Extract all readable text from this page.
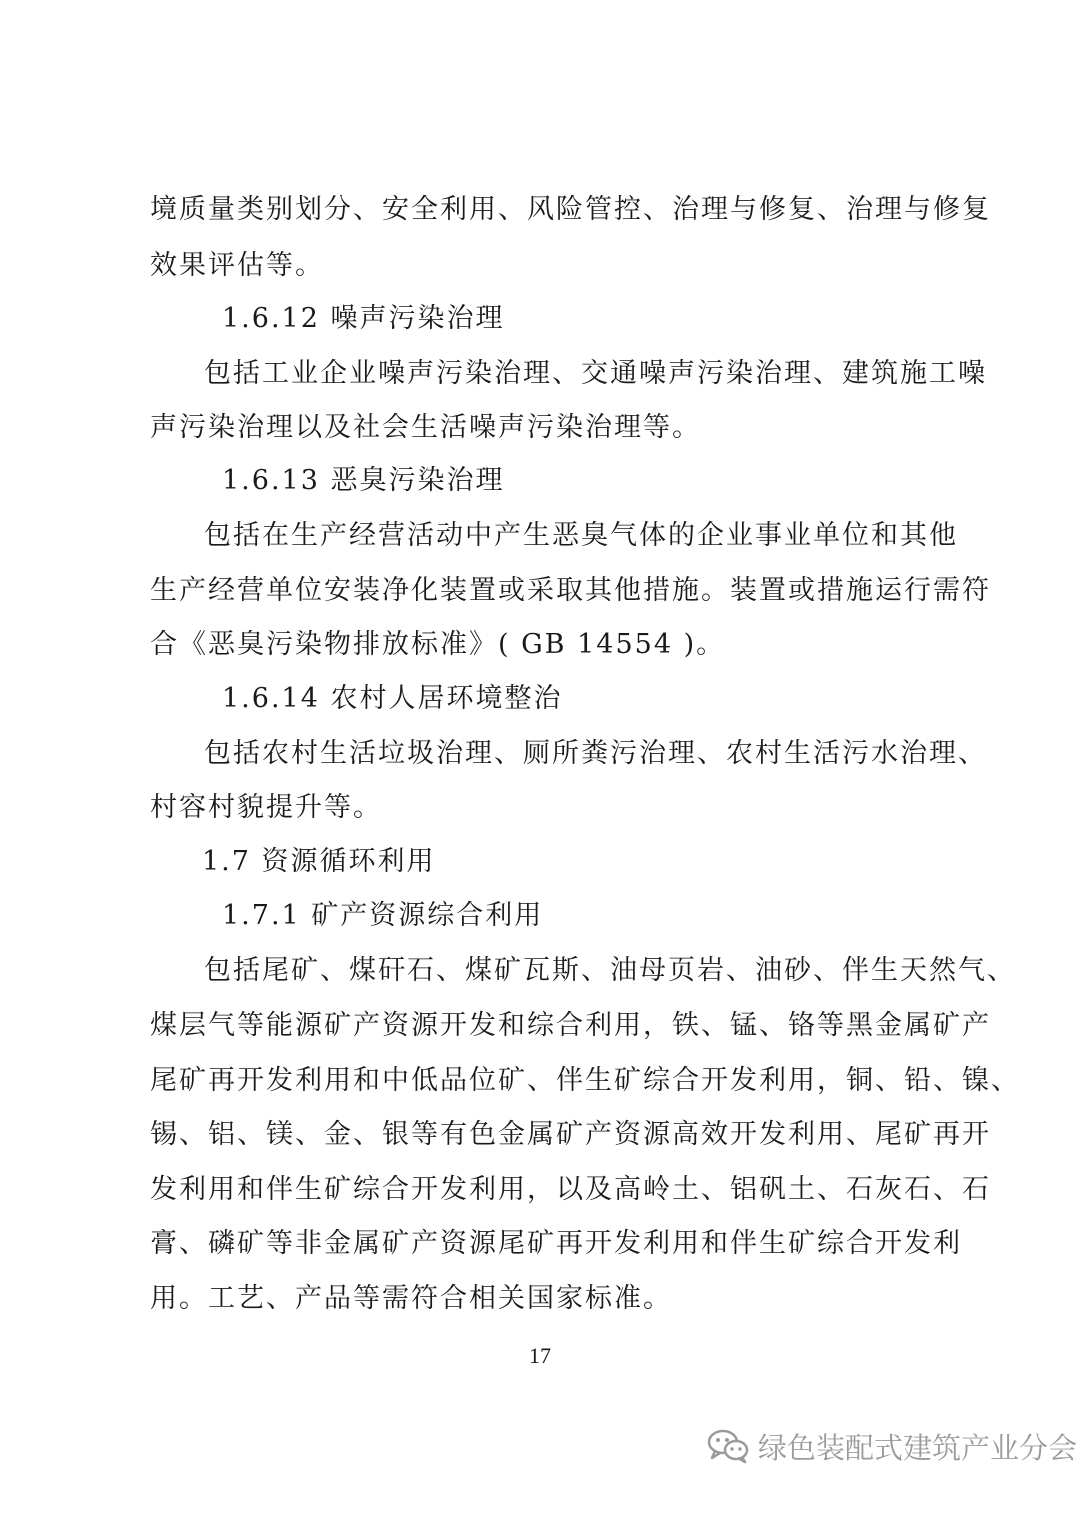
境质量类别划分、安全利用、风险管控、治理与修复、治理与修复
效果评估等。
1.6.12 噪声污染治理
包括工业企业噪声污染治理、交通噪声污染治理、建筑施工噪
声污染治理以及社会生活噪声污染治理等。
1.6.13 恶臭污染治理
包括在生产经营活动中产生恶臭气体的企业事业单位和其他
生产经营单位安装净化装置或采取其他措施。装置或措施运行需符
合《恶臭污染物排放标准》( GB 14554 )。
1.6.14 农村人居环境整治
包括农村生活垃圾治理、厕所粪污治理、农村生活污水治理、
村容村貌提升等。
1.7 资源循环利用
1.7.1 矿产资源综合利用
包括尾矿、煤矸石、煤矿瓦斯、油母页岩、油砂、伴生天然气、
煤层气等能源矿产资源开发和综合利用，铁、锰、铬等黑金属矿产
尾矿再开发利用和中低品位矿、伴生矿综合开发利用，铜、铅、镍、
锡、铝、镁、金、银等有色金属矿产资源高效开发利用、尾矿再开
发利用和伴生矿综合开发利用，以及高岭土、铝矾土、石灰石、石
膏、磷矿等非金属矿产资源尾矿再开发利用和伴生矿综合开发利
用。工艺、产品等需符合相关国家标准。
17
绿色装配式建筑产业分会
